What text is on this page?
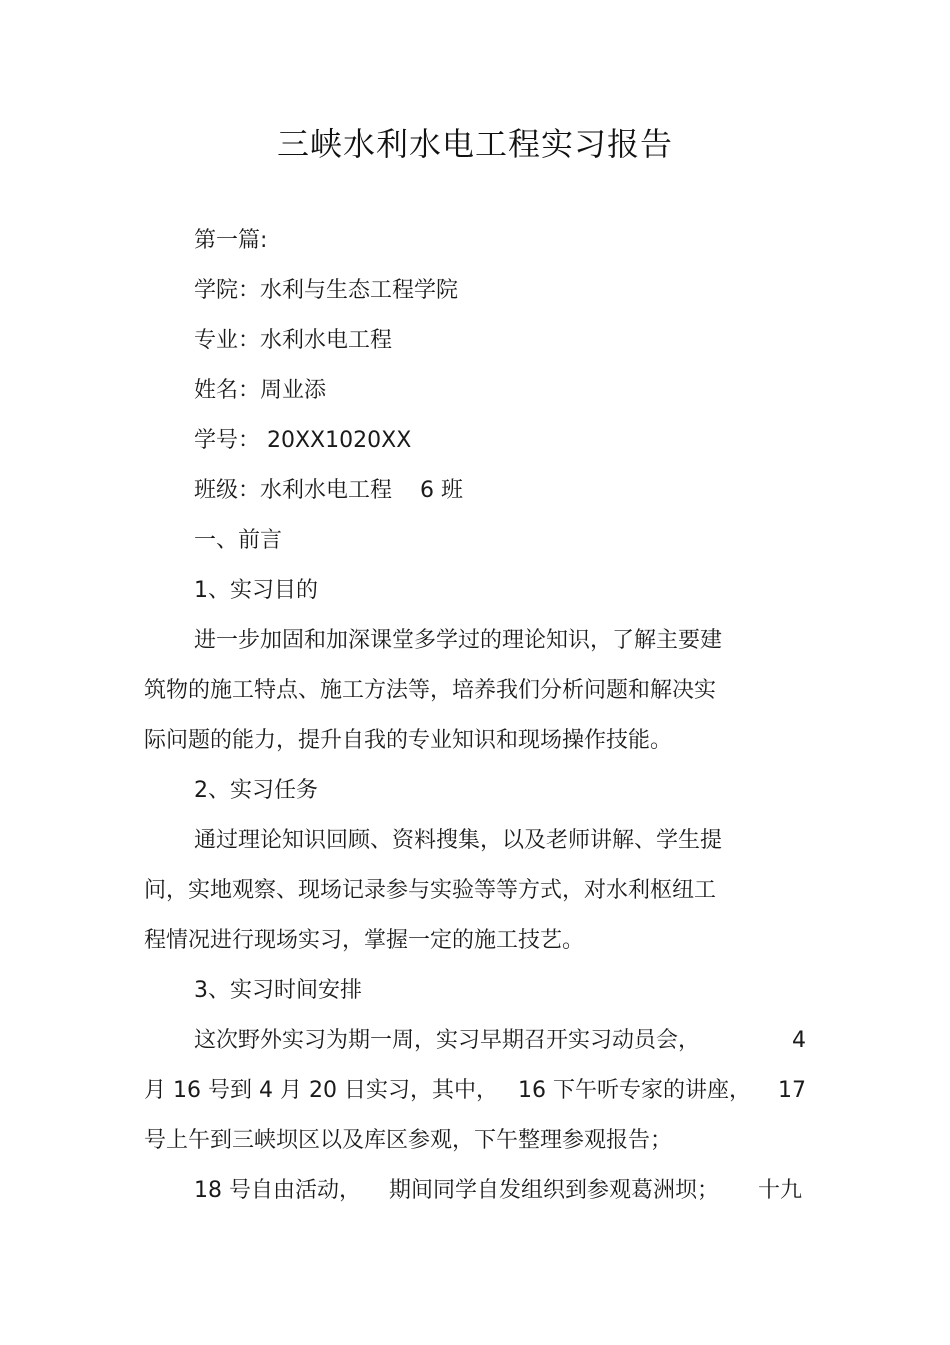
三峡水利水电工程实习报告
第一篇:
学院：水利与生态工程学院
专业：水利水电工程
姓名：周业添
学号： 20XX1020XX
班级：水利水电工程 6 班
一、前言
1、实习目的
进一步加固和加深课堂多学过的理论知识，了解主要建
筑物的施工特点、施工方法等，培养我们分析问题和解决实
际问题的能力，提升自我的专业知识和现场操作技能。
2、实习任务
通过理论知识回顾、资料搜集，以及老师讲解、学生提
问，实地观察、现场记录参与实验等等方式，对水利枢纽工
程情况进行现场实习，掌握一定的施工技艺。
3、实习时间安排
这次野外实习为期一周，实习早期召开实习动员会，	4
月 16 号到 4 月 20 日实习，其中， 16 下午听专家的讲座， 17
号上午到三峡坝区以及库区参观，下午整理参观报告；
18 号自由活动， 期间同学自发组织到参观葛洲坝； 十九
